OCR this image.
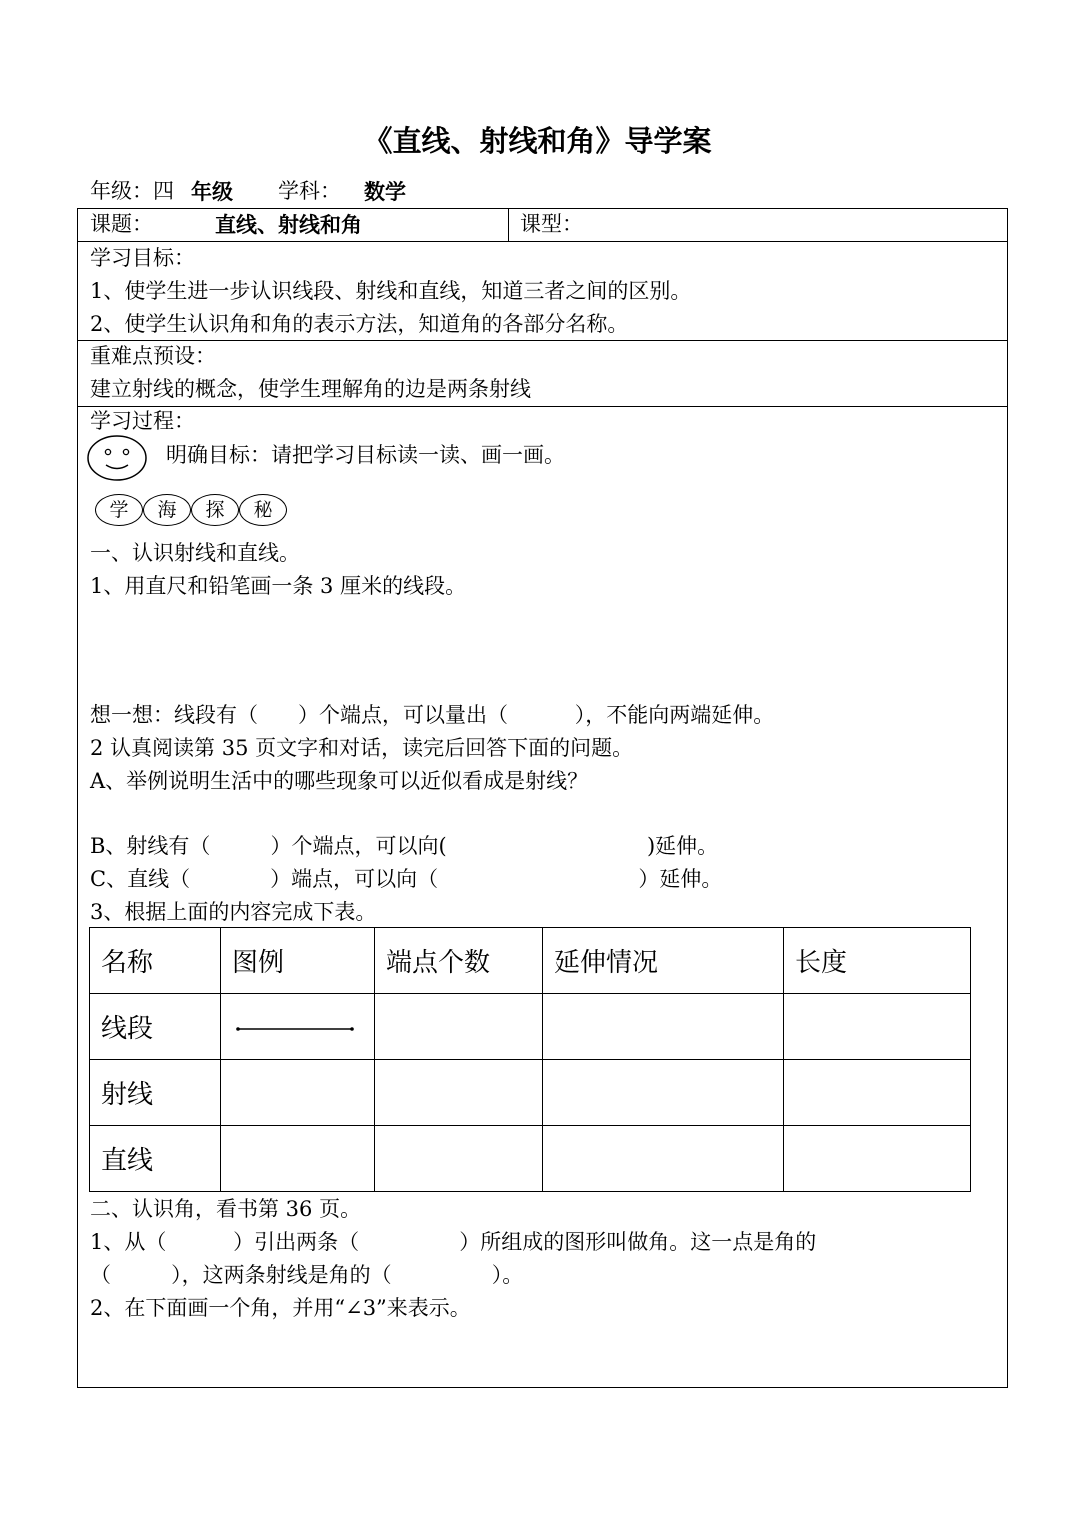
《直线、射线和角》导学案
年级：四 年级 学科： 数学
课题：	直线、射线和角	课型：
学习目标：
1、使学生进一步认识线段、射线和直线，知道三者之间的区别。
2、使学生认识角和角的表示方法，知道角的各部分名称。
重难点预设：
建立射线的概念，使学生理解角的边是两条射线
学习过程：
明确目标：请把学习目标读一读、画一画。
学	海	探	秘
一、认识射线和直线。
1、用直尺和铅笔画一条 3 厘米的线段。
想一想：线段有（      ）个端点，可以量出（          ），不能向两端延伸。
2 认真阅读第 35 页文字和对话，读完后回答下面的问题。
A、举例说明生活中的哪些现象可以近似看成是射线？
B、射线有（         ）个端点，可以向(                              )延伸。
C、直线（            ）端点，可以向（                              ）延伸。
3、根据上面的内容完成下表。
名称	图例	端点个数	延伸情况	长度
线段				
射线				
直线				
二、认识角，看书第 36 页。
1、从（          ）引出两条（               ）所组成的图形叫做角。这一点是角的
（         ），这两条射线是角的（               ）。
2、在下面画一个角，并用“∠3”来表示。
